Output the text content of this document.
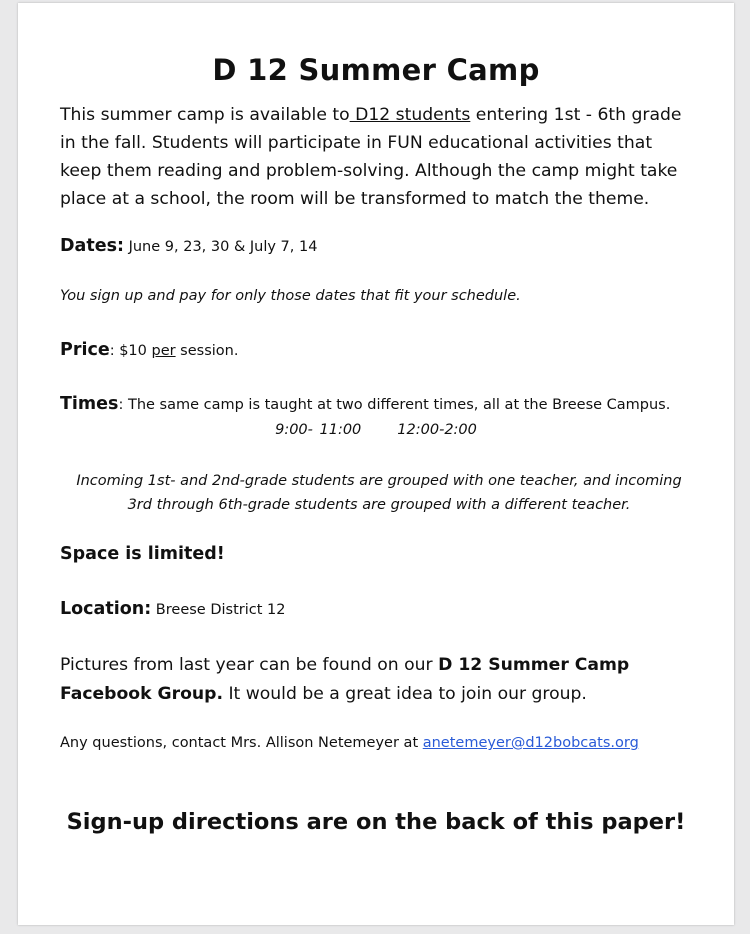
D 12 Summer Camp
This summer camp is available to D12 students entering 1st - 6th grade in the fall. Students will participate in FUN educational activities that keep them reading and problem-solving. Although the camp might take place at a school, the room will be transformed to match the theme.
Dates: June 9, 23, 30 & July 7, 14
You sign up and pay for only those dates that fit your schedule.
Price: $10 per session.
Times: The same camp is taught at two different times, all at the Breese Campus.
9:00- 11:00 12:00-2:00
Incoming 1st- and 2nd-grade students are grouped with one teacher, and incoming 3rd through 6th-grade students are grouped with a different teacher.
Space is limited!
Location: Breese District 12
Pictures from last year can be found on our D 12 Summer Camp Facebook Group. It would be a great idea to join our group.
Any questions, contact Mrs. Allison Netemeyer at anetemeyer@d12bobcats.org
Sign-up directions are on the back of this paper!
